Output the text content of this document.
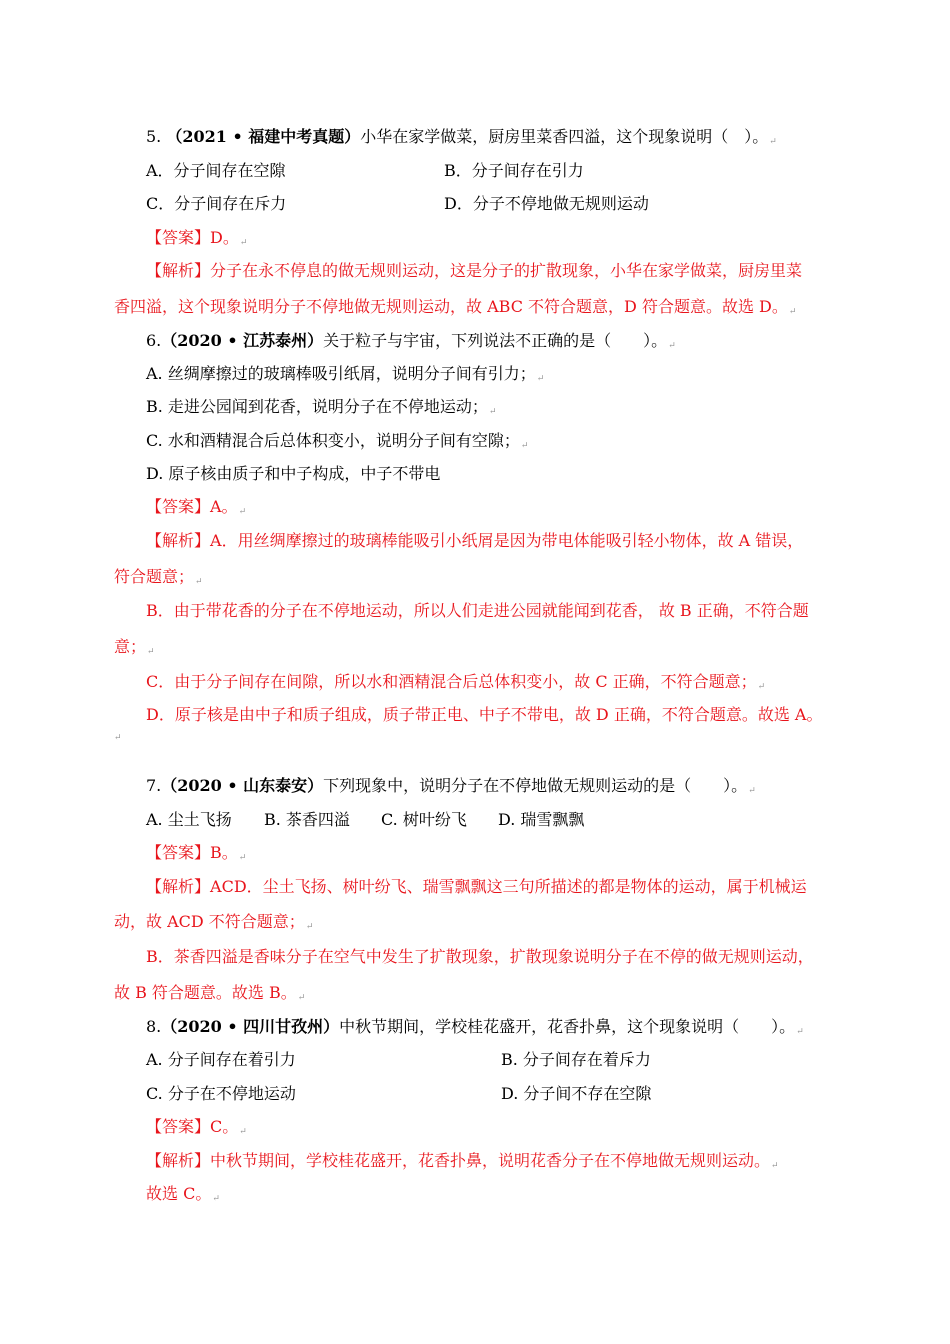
5. （2021 • 福建中考真题）小华在家学做菜，厨房里菜香四溢，这个现象说明（　）。↵
A．分子间存在空隙	B．分子间存在引力
C．分子间存在斥力	D．分子不停地做无规则运动
【答案】D。↵
【解析】分子在永不停息的做无规则运动，这是分子的扩散现象，小华在家学做菜，厨房里菜
香四溢，这个现象说明分子不停地做无规则运动，故 ABC 不符合题意，D 符合题意。故选 D。↵
6.（2020 • 江苏泰州）关于粒子与宇宙，下列说法不正确的是（　　）。↵
A. 丝绸摩擦过的玻璃棒吸引纸屑，说明分子间有引力；↵
B. 走进公园闻到花香，说明分子在不停地运动；↵
C. 水和酒精混合后总体积变小，说明分子间有空隙；↵
D. 原子核由质子和中子构成，中子不带电
【答案】A。↵
【解析】A．用丝绸摩擦过的玻璃棒能吸引小纸屑是因为带电体能吸引轻小物体，故 A 错误，
符合题意；↵
B．由于带花香的分子在不停地运动，所以人们走进公园就能闻到花香， 故 B 正确，不符合题
意；↵
C．由于分子间存在间隙，所以水和酒精混合后总体积变小，故 C 正确，不符合题意；↵
D．原子核是由中子和质子组成，质子带正电、中子不带电，故 D 正确，不符合题意。故选 A。
↵
7.（2020 • 山东泰安）下列现象中，说明分子在不停地做无规则运动的是（　　）。↵
A. 尘土飞扬 B. 茶香四溢 C. 树叶纷飞 D. 瑞雪飘飘
【答案】B。↵
【解析】ACD．尘土飞扬、树叶纷飞、瑞雪飘飘这三句所描述的都是物体的运动，属于机械运
动，故 ACD 不符合题意；↵
B．茶香四溢是香味分子在空气中发生了扩散现象，扩散现象说明分子在不停的做无规则运动，
故 B 符合题意。故选 B。↵
8.（2020 • 四川甘孜州）中秋节期间，学校桂花盛开，花香扑鼻，这个现象说明（　　）。↵
A. 分子间存在着引力	B. 分子间存在着斥力
C. 分子在不停地运动	D. 分子间不存在空隙
【答案】C。↵
【解析】中秋节期间，学校桂花盛开，花香扑鼻，说明花香分子在不停地做无规则运动。↵
故选 C。↵
